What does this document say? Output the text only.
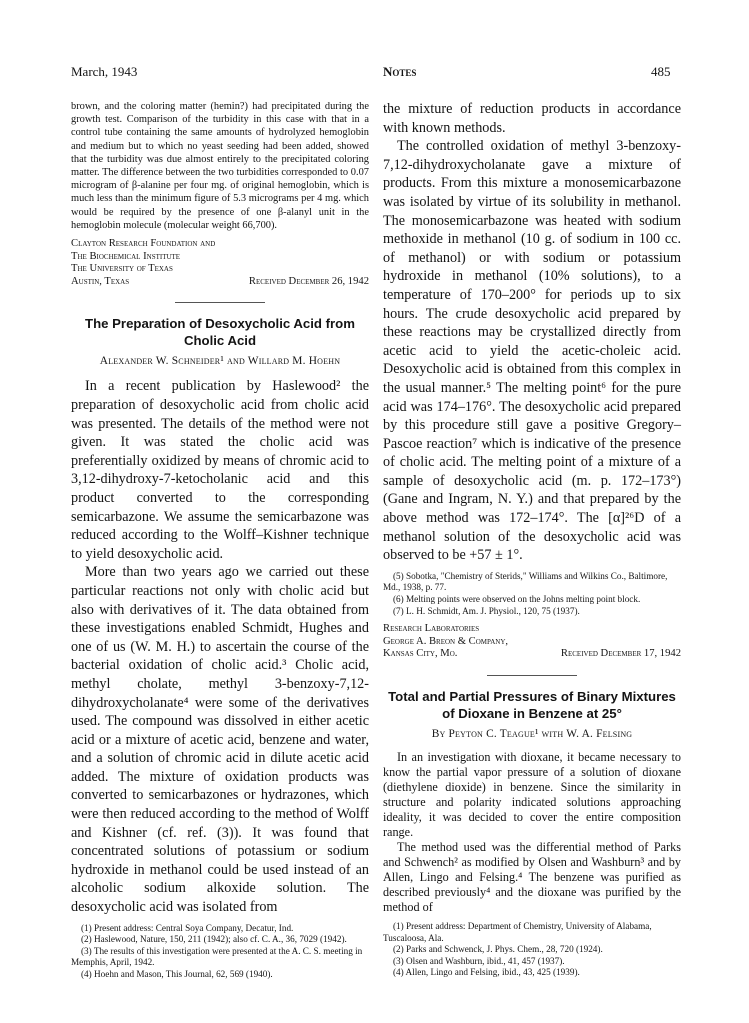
March, 1943	Notes	485

brown, and the coloring matter (hemin?) had precipitated during the growth test. Comparison of the turbidity in this case with that in a control tube containing the same amounts of hydrolyzed hemoglobin and medium but to which no yeast seeding had been added, showed that the turbidity was due almost entirely to the precipitated coloring matter. The difference between the two turbidities corresponded to 0.07 microgram of β-alanine per four mg. of original hemoglobin, which is much less than the minimum figure of 5.3 micrograms per 4 mg. which would be required by the presence of one β-alanyl unit in the hemoglobin molecule (molecular weight 66,700).

Clayton Research Foundation and
The Biochemical Institute
The University of Texas
Austin, Texas	Received December 26, 1942
The Preparation of Desoxycholic Acid from Cholic Acid
Alexander W. Schneider¹ and Willard M. Hoehn

In a recent publication by Haslewood² the preparation of desoxycholic acid from cholic acid was presented. The details of the method were not given. It was stated the cholic acid was preferentially oxidized by means of chromic acid to 3,12-dihydroxy-7-ketocholanic acid and this product converted to the corresponding semicarbazone. We assume the semicarbazone was reduced according to the Wolff–Kishner technique to yield desoxycholic acid.

More than two years ago we carried out these particular reactions not only with cholic acid but also with derivatives of it. The data obtained from these investigations enabled Schmidt, Hughes and one of us (W. M. H.) to ascertain the course of the bacterial oxidation of cholic acid.³ Cholic acid, methyl cholate, methyl 3-benzoxy-7,12-dihydroxycholanate⁴ were some of the derivatives used. The compound was dissolved in either acetic acid or a mixture of acetic acid, benzene and water, and a solution of chromic acid in dilute acetic acid added. The mixture of oxidation products was converted to semicarbazones or hydrazones, which were then reduced according to the method of Wolff and Kishner (cf. ref. (3)). It was found that concentrated solutions of potassium or sodium hydroxide in methanol could be used instead of an alcoholic sodium alkoxide solution. The desoxycholic acid was isolated from

(1) Present address: Central Soya Company, Decatur, Ind.
(2) Haslewood, Nature, 150, 211 (1942); also cf. C. A., 36, 7029 (1942).
(3) The results of this investigation were presented at the A. C. S. meeting in Memphis, April, 1942.
(4) Hoehn and Mason, This Journal, 62, 569 (1940).

the mixture of reduction products in accordance with known methods.

The controlled oxidation of methyl 3-benzoxy-7,12-dihydroxycholanate gave a mixture of products. From this mixture a monosemicarbazone was isolated by virtue of its solubility in methanol. The monosemicarbazone was heated with sodium methoxide in methanol (10 g. of sodium in 100 cc. of methanol) or with sodium or potassium hydroxide in methanol (10% solutions), to a temperature of 170–200° for periods up to six hours. The crude desoxycholic acid prepared by these reactions may be crystallized directly from acetic acid to yield the acetic-choleic acid. Desoxycholic acid is obtained from this complex in the usual manner.⁵ The melting point⁶ for the pure acid was 174–176°. The desoxycholic acid prepared by this procedure still gave a positive Gregory–Pascoe reaction⁷ which is indicative of the presence of cholic acid. The melting point of a mixture of a sample of desoxycholic acid (m. p. 172–173°) (Gane and Ingram, N. Y.) and that prepared by the above method was 172–174°. The [α]²⁶D of a methanol solution of the desoxycholic acid was observed to be +57 ± 1°.

(5) Sobotka, "Chemistry of Sterids," Williams and Wilkins Co., Baltimore, Md., 1938, p. 77.
(6) Melting points were observed on the Johns melting point block.
(7) L. H. Schmidt, Am. J. Physiol., 120, 75 (1937).
Research Laboratories
George A. Breon & Company,
Kansas City, Mo.	Received December 17, 1942
Total and Partial Pressures of Binary Mixtures of Dioxane in Benzene at 25°
By Peyton C. Teague¹ with W. A. Felsing

In an investigation with dioxane, it became necessary to know the partial vapor pressure of a solution of dioxane (diethylene dioxide) in benzene. Since the similarity in structure and polarity indicated solutions approaching ideality, it was decided to cover the entire composition range.

The method used was the differential method of Parks and Schwench² as modified by Olsen and Washburn³ and by Allen, Lingo and Felsing.⁴ The benzene was purified as described previously⁴ and the dioxane was purified by the method of

(1) Present address: Department of Chemistry, University of Alabama, Tuscaloosa, Ala.
(2) Parks and Schwenck, J. Phys. Chem., 28, 720 (1924).
(3) Olsen and Washburn, ibid., 41, 457 (1937).
(4) Allen, Lingo and Felsing, ibid., 43, 425 (1939).
